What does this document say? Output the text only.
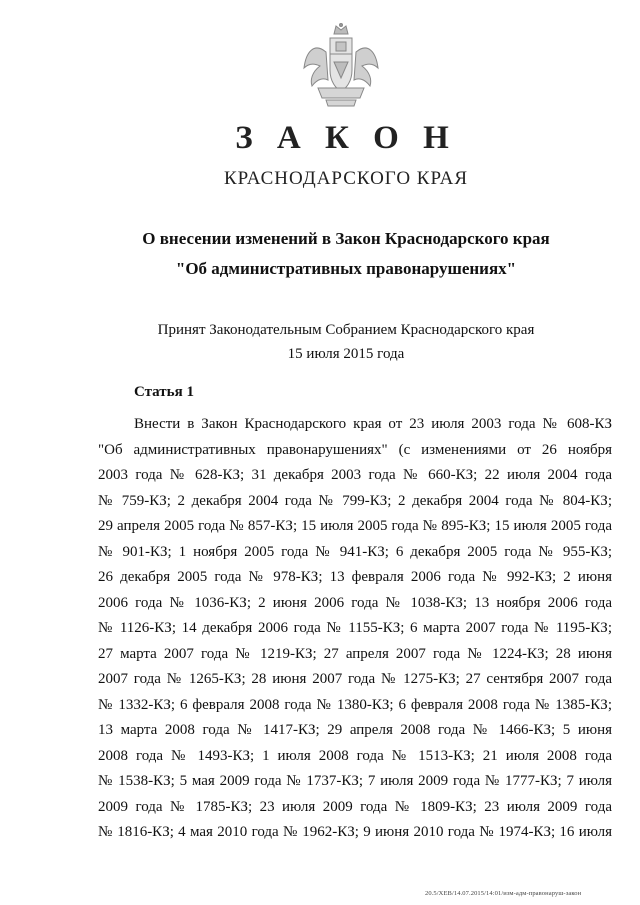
З А К О Н
КРАСНОДАРСКОГО КРАЯ
О внесении изменений в Закон Краснодарского края
"Об административных правонарушениях"
Принят Законодательным Собранием Краснодарского края
15 июля 2015 года
Статья 1
Внести в Закон Краснодарского края от 23 июля 2003 года № 608-КЗ
"Об административных правонарушениях" (с изменениями от 26 ноября
2003 года № 628-КЗ; 31 декабря 2003 года № 660-КЗ; 22 июля 2004 года
№ 759-КЗ; 2 декабря 2004 года № 799-КЗ; 2 декабря 2004 года № 804-КЗ;
29 апреля 2005 года № 857-КЗ; 15 июля 2005 года № 895-КЗ; 15 июля 2005 года
№ 901-КЗ; 1 ноября 2005 года № 941-КЗ; 6 декабря 2005 года № 955-КЗ;
26 декабря 2005 года № 978-КЗ; 13 февраля 2006 года № 992-КЗ; 2 июня
2006 года № 1036-КЗ; 2 июня 2006 года № 1038-КЗ; 13 ноября 2006 года
№ 1126-КЗ; 14 декабря 2006 года № 1155-КЗ; 6 марта 2007 года № 1195-КЗ;
27 марта 2007 года № 1219-КЗ; 27 апреля 2007 года № 1224-КЗ; 28 июня
2007 года № 1265-КЗ; 28 июня 2007 года № 1275-КЗ; 27 сентября 2007 года
№ 1332-КЗ; 6 февраля 2008 года № 1380-КЗ; 6 февраля 2008 года № 1385-КЗ;
13 марта 2008 года № 1417-КЗ; 29 апреля 2008 года № 1466-КЗ; 5 июня
2008 года № 1493-КЗ; 1 июля 2008 года № 1513-КЗ; 21 июля 2008 года
№ 1538-КЗ; 5 мая 2009 года № 1737-КЗ; 7 июля 2009 года № 1777-КЗ; 7 июля
2009 года № 1785-КЗ; 23 июля 2009 года № 1809-КЗ; 23 июля 2009 года
№ 1816-КЗ; 4 мая 2010 года № 1962-КЗ; 9 июня 2010 года № 1974-КЗ; 16 июля
20.5/ХЕВ/14.07.2015/14:01/изм-адм-правонаруш-закон
